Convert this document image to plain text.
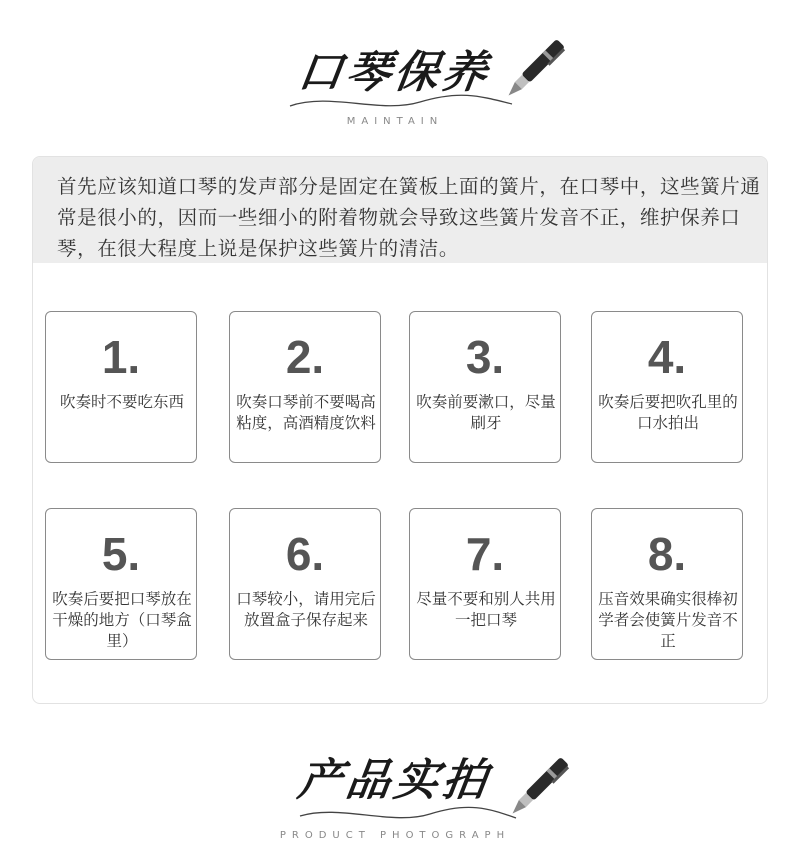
口琴保养
MAINTAIN
首先应该知道口琴的发声部分是固定在簧板上面的簧片，在口琴中，这些簧片通常是很小的，因而一些细小的附着物就会导致这些簧片发音不正，维护保养口琴，在很大程度上说是保护这些簧片的清洁。
1.
吹奏时不要吃东西
2.
吹奏口琴前不要喝高粘度，高酒精度饮料
3.
吹奏前要漱口，尽量刷牙
4.
吹奏后要把吹孔里的口水拍出
5.
吹奏后要把口琴放在干燥的地方（口琴盒里）
6.
口琴较小，请用完后放置盒子保存起来
7.
尽量不要和别人共用一把口琴
8.
压音效果确实很棒初学者会使簧片发音不正
产品实拍
PRODUCT PHOTOGRAPH
